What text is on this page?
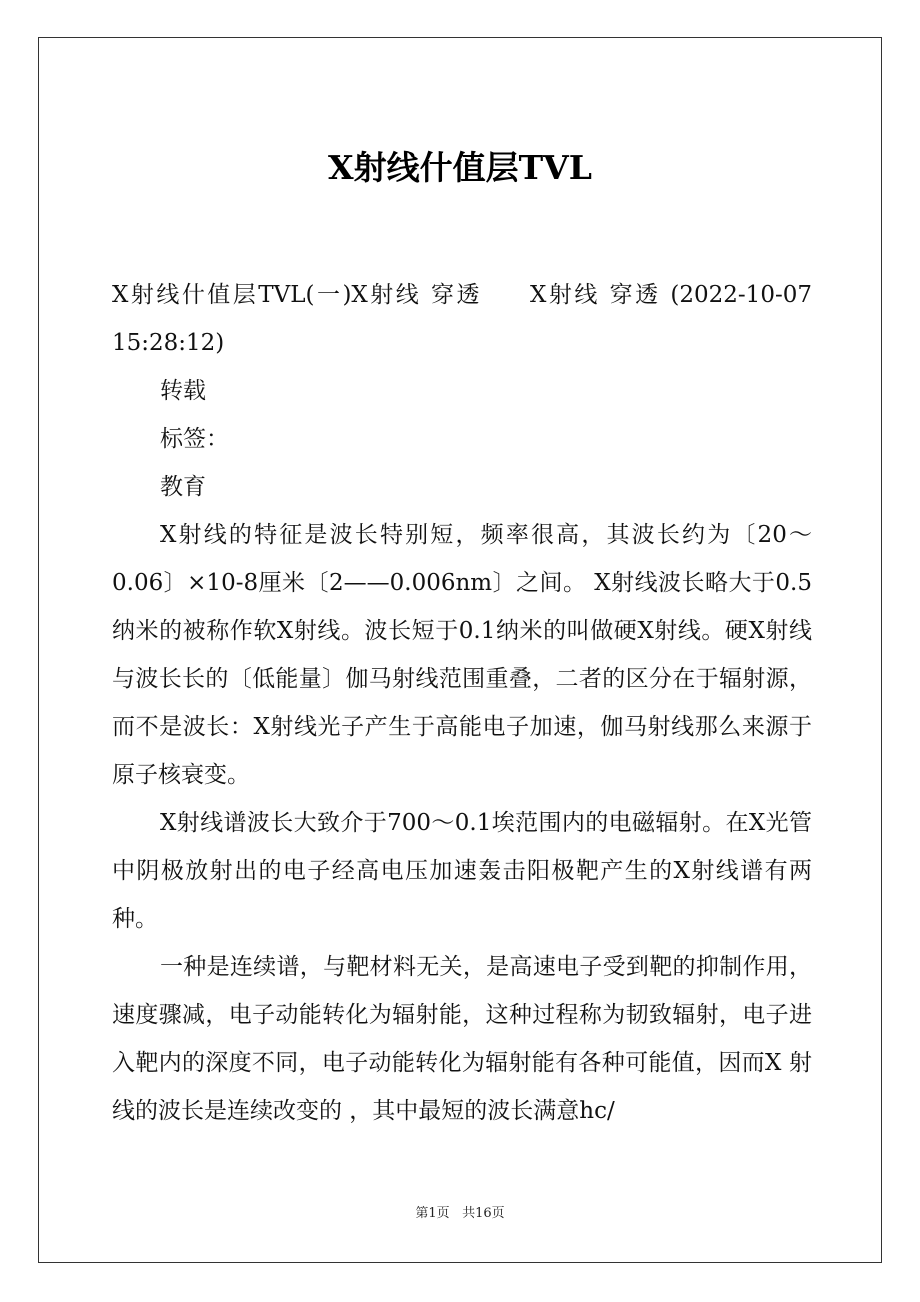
X射线什值层TVL

X射线什值层TVL(一)X射线 穿透 X射线 穿透 (2022-10-07 15:28:12)

转载

标签：

教育

X射线的特征是波长特别短，频率很高，其波长约为〔20～0.06〕×10-8厘米〔2——0.006nm〕之间。 X射线波长略大于0.5纳米的被称作软X射线。波长短于0.1纳米的叫做硬X射线。硬X射线与波长长的〔低能量〕伽马射线范围重叠，二者的区分在于辐射源，而不是波长：X射线光子产生于高能电子加速，伽马射线那么来源于原子核衰变。

X射线谱波长大致介于700～0.1埃范围内的电磁辐射。在X光管中阴极放射出的电子经高电压加速轰击阳极靶产生的X射线谱有两种。

一种是连续谱，与靶材料无关，是高速电子受到靶的抑制作用，速度骤减，电子动能转化为辐射能，这种过程称为韧致辐射，电子进入靶内的深度不同，电子动能转化为辐射能有各种可能值，因而X 射线的波长是连续改变的 ，其中最短的波长满意hc/

第1页 共16页
